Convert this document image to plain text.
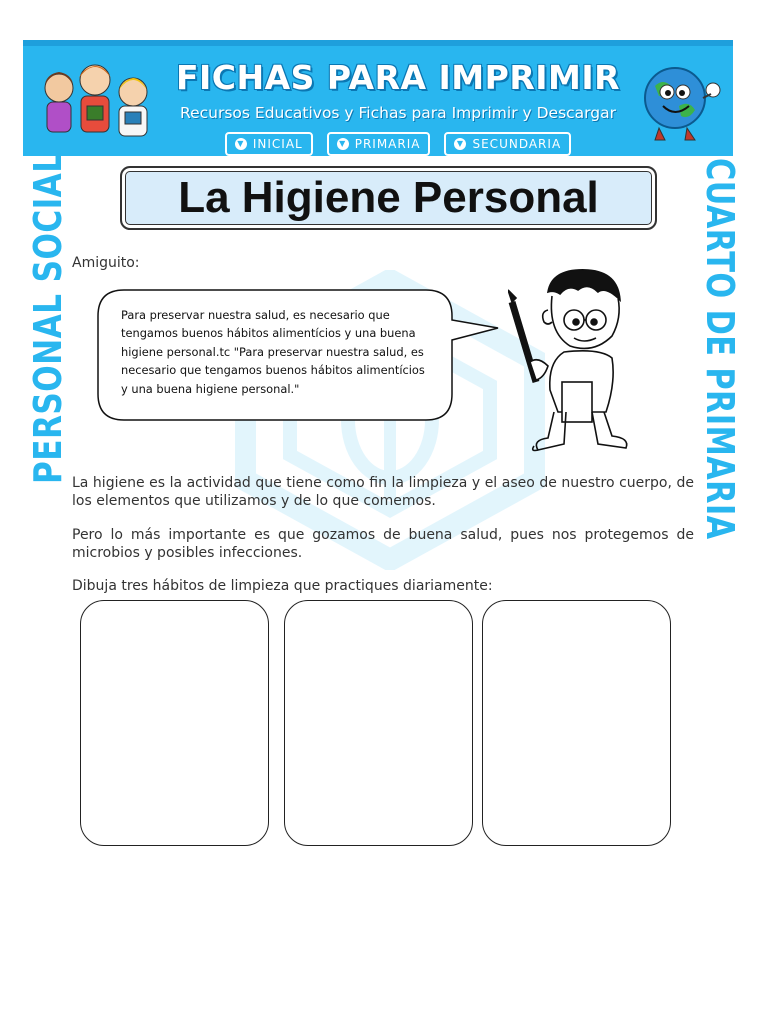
FICHAS PARA IMPRIMIR
Recursos Educativos y Fichas para Imprimir y Descargar
▼ INICIAL	▼ PRIMARIA	▼ SECUNDARIA
PERSONAL SOCIAL	CUARTO DE PRIMARIA
La Higiene Personal
Amiguito:
Para preservar nuestra salud, es necesario que
tengamos buenos hábitos alimentícios y una buena
higiene personal.tc "Para preservar nuestra salud, es
necesario que tengamos buenos hábitos alimentícios
y una buena higiene personal."
La higiene es la actividad que tiene como fin la limpieza y el aseo de nuestro cuerpo, de
los elementos que utilizamos y de lo que comemos.
Pero lo más importante es que gozamos de buena salud, pues nos protegemos de
microbios y posibles infecciones.
Dibuja tres hábitos de limpieza que practiques diariamente:
